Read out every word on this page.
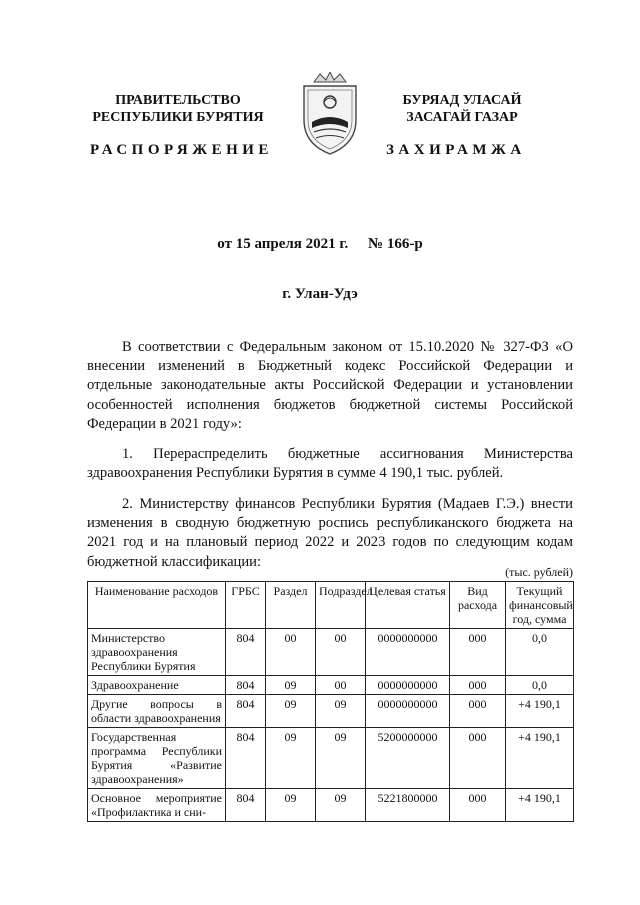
ПРАВИТЕЛЬСТВО
РЕСПУБЛИКИ БУРЯТИЯ
БУРЯАД УЛАСАЙ
ЗАСАГАЙ ГАЗАР
РАСПОРЯЖЕНИЕ	ЗАХИРАМЖА
от 15 апреля 2021 г. № 166-р
г. Улан-Удэ

В соответствии с Федеральным законом от 15.10.2020 № 327-ФЗ «О внесении изменений в Бюджетный кодекс Российской Федерации и отдельные законодательные акты Российской Федерации и установлении особенностей исполнения бюджетов бюджетной системы Российской Федерации в 2021 году»:

1. Перераспределить бюджетные ассигнования Министерства здравоохранения Республики Бурятия в сумме 4 190,1 тыс. рублей.

2. Министерству финансов Республики Бурятия (Мадаев Г.Э.) внести изменения в сводную бюджетную роспись республиканского бюджета на 2021 год и на плановый период 2022 и 2023 годов по следующим кодам бюджетной классификации:

(тыс. рублей)
Наименование расходов	ГРБС	Раздел	Подраздел	Целевая статья	Вид расхода	Текущий финансовый год, сумма
Министерство здравоохранения Республики Бурятия	804	00	00	0000000000	000	0,0
Здравоохранение	804	09	00	0000000000	000	0,0
Другие вопросы в области здравоохранения	804	09	09	0000000000	000	+4 190,1
Государственная программа Республики Бурятия «Развитие здравоохранения»	804	09	09	5200000000	000	+4 190,1
Основное мероприятие «Профилактика и сни-	804	09	09	5221800000	000	+4 190,1
